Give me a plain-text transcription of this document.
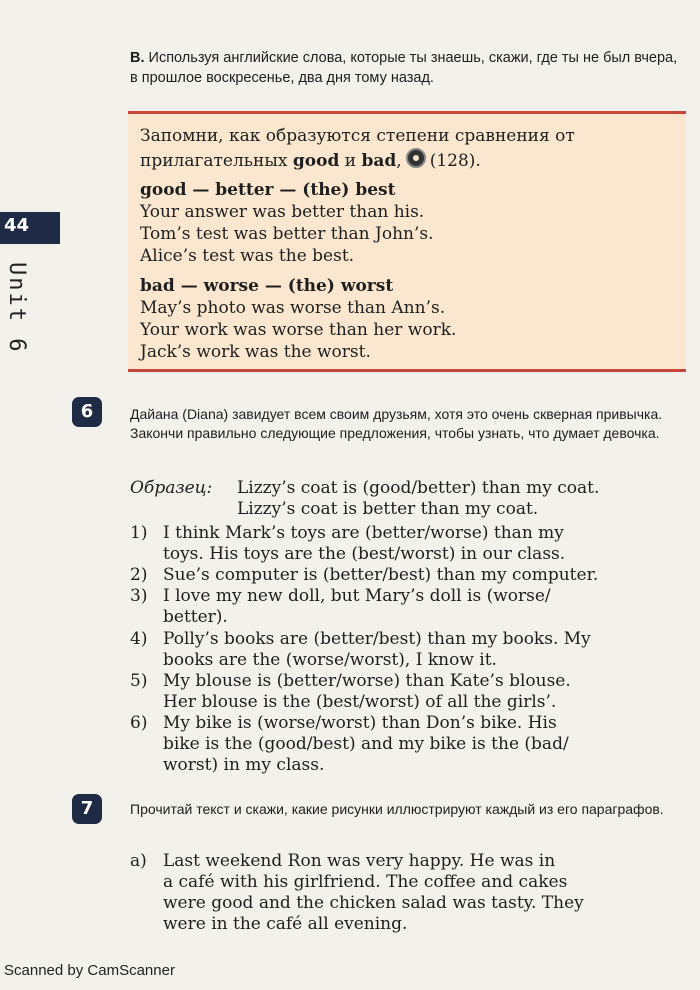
44
Unit 6
B. Используя английские слова, которые ты знаешь, скажи, где ты не был вчера, в прошлое воскресенье, два дня тому назад.
Запомни, как образуются степени сравнения от
прилагательных good и bad, (128).
good — better — (the) best
Your answer was better than his.
Tom’s test was better than John’s.
Alice’s test was the best.
bad — worse — (the) worst
May’s photo was worse than Ann’s.
Your work was worse than her work.
Jack’s work was the worst.
6	Дайана (Diana) завидует всем своим друзьям, хотя это очень скверная привычка. Закончи правильно следующие предложения, чтобы узнать, что думает девочка.
Образец: Lizzy’s coat is (good/better) than my coat.
Lizzy’s coat is better than my coat.
1) I think Mark’s toys are (better/worse) than my
toys. His toys are the (best/worst) in our class.
2) Sue’s computer is (better/best) than my computer.
3) I love my new doll, but Mary’s doll is (worse/
better).
4) Polly’s books are (better/best) than my books. My
books are the (worse/worst), I know it.
5) My blouse is (better/worse) than Kate’s blouse.
Her blouse is the (best/worst) of all the girls’.
6) My bike is (worse/worst) than Don’s bike. His
bike is the (good/best) and my bike is the (bad/
worst) in my class.
7	Прочитай текст и скажи, какие рисунки иллюстрируют каждый из его параграфов.
a) Last weekend Ron was very happy. He was in
a café with his girlfriend. The coffee and cakes
were good and the chicken salad was tasty. They
were in the café all evening.
Scanned by CamScanner
